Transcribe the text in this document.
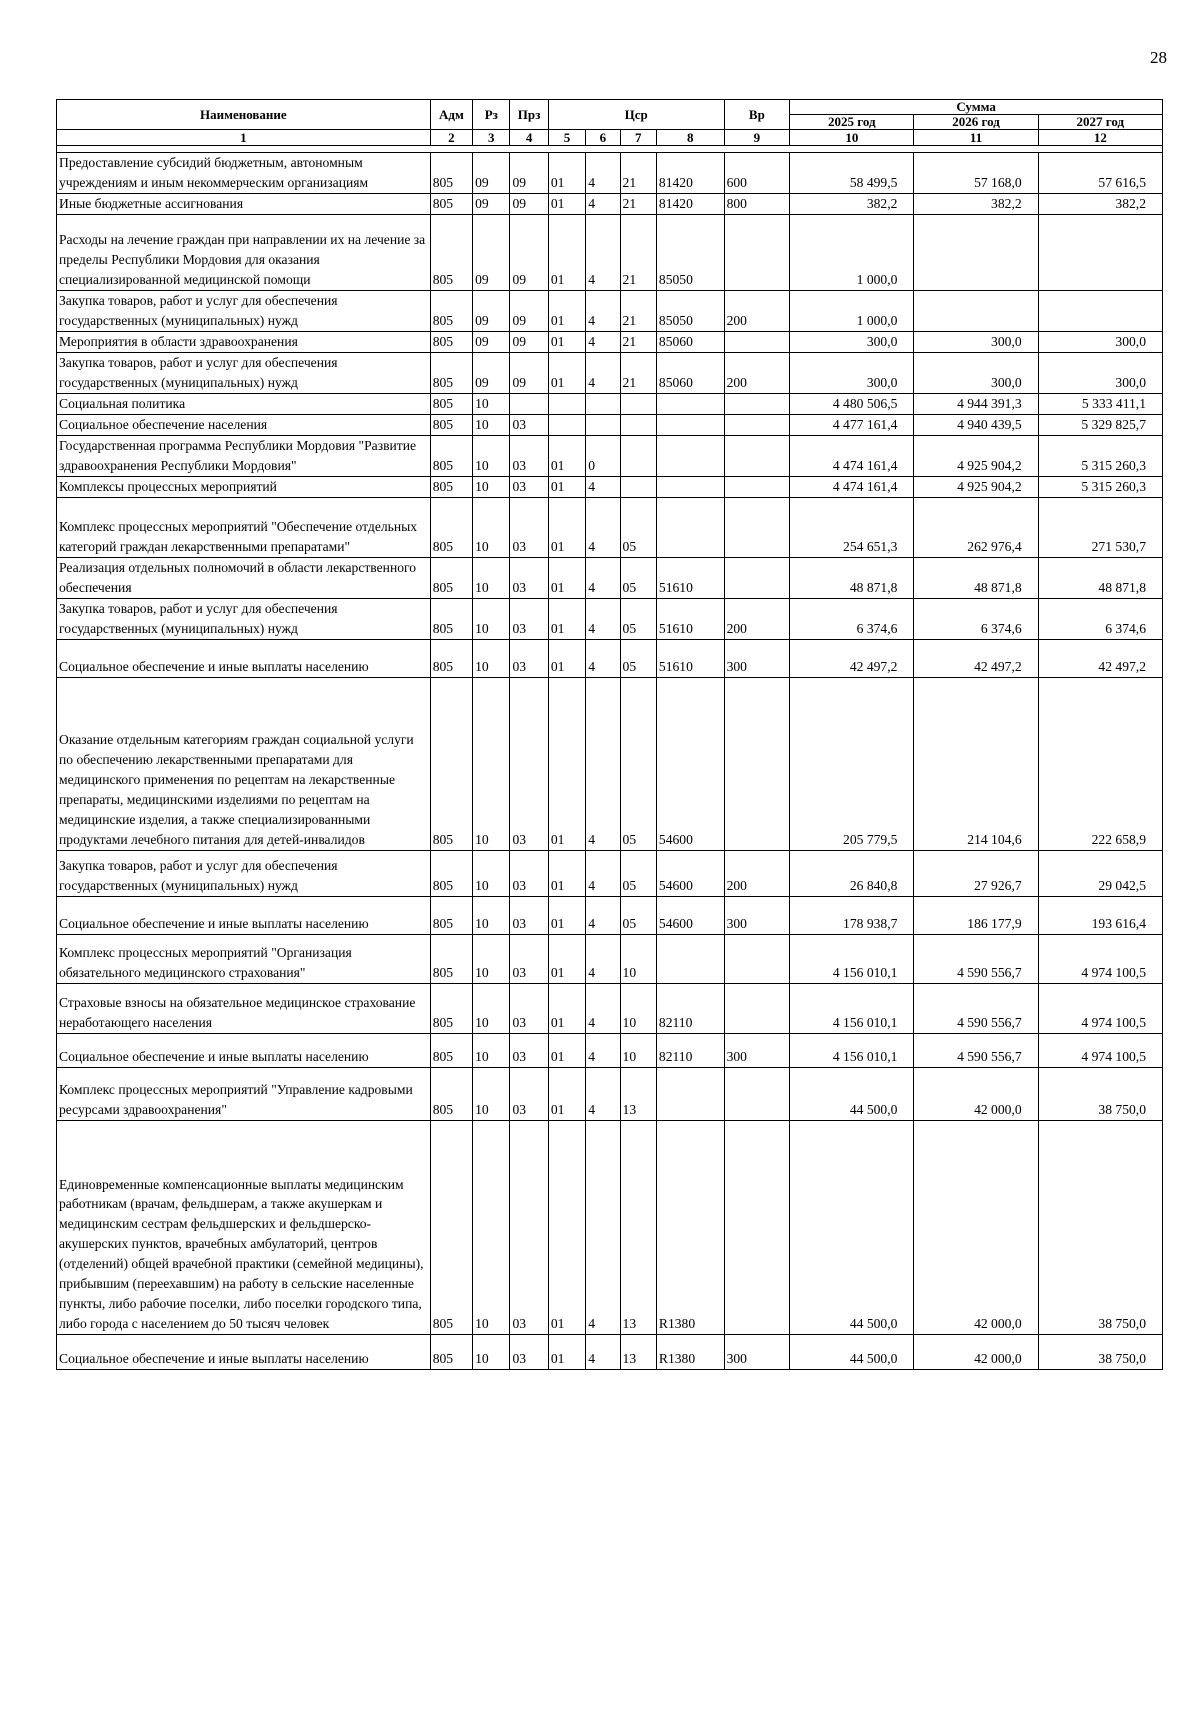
28
Наименование	Адм	Рз	Прз	Цср				Вр	Сумма		
									2025 год	2026 год	2027 год
1	2	3	4	5	6	7	8	9	10	11	12

Предоставление субсидий бюджетным, автономным учреждениям и иным некоммерческим организациям	805	09	09	01	4	21	81420	600	58 499,5	57 168,0	57 616,5
Иные бюджетные ассигнования	805	09	09	01	4	21	81420	800	382,2	382,2	382,2
Расходы на лечение граждан при направлении их на лечение за пределы Республики Мордовия для оказания специализированной медицинской помощи	805	09	09	01	4	21	85050		1 000,0		
Закупка товаров, работ и услуг для обеспечения государственных (муниципальных) нужд	805	09	09	01	4	21	85050	200	1 000,0		
Мероприятия в области здравоохранения	805	09	09	01	4	21	85060		300,0	300,0	300,0
Закупка товаров, работ и услуг для обеспечения государственных (муниципальных) нужд	805	09	09	01	4	21	85060	200	300,0	300,0	300,0
Социальная политика	805	10							4 480 506,5	4 944 391,3	5 333 411,1
Социальное обеспечение населения	805	10	03						4 477 161,4	4 940 439,5	5 329 825,7
Государственная программа Республики Мордовия "Развитие здравоохранения Республики Мордовия"	805	10	03	01	0				4 474 161,4	4 925 904,2	5 315 260,3
Комплексы процессных мероприятий	805	10	03	01	4				4 474 161,4	4 925 904,2	5 315 260,3
Комплекс процессных мероприятий "Обеспечение отдельных категорий граждан лекарственными препаратами"	805	10	03	01	4	05			254 651,3	262 976,4	271 530,7
Реализация отдельных полномочий в области лекарственного обеспечения	805	10	03	01	4	05	51610		48 871,8	48 871,8	48 871,8
Закупка товаров, работ и услуг для обеспечения государственных (муниципальных) нужд	805	10	03	01	4	05	51610	200	6 374,6	6 374,6	6 374,6
Социальное обеспечение и иные выплаты населению	805	10	03	01	4	05	51610	300	42 497,2	42 497,2	42 497,2
Оказание отдельным категориям граждан социальной услуги по обеспечению лекарственными препаратами для медицинского применения по рецептам на лекарственные препараты, медицинскими изделиями по рецептам на медицинские изделия, а также специализированными продуктами лечебного питания для детей-инвалидов	805	10	03	01	4	05	54600		205 779,5	214 104,6	222 658,9
Закупка товаров, работ и услуг для обеспечения государственных (муниципальных) нужд	805	10	03	01	4	05	54600	200	26 840,8	27 926,7	29 042,5
Социальное обеспечение и иные выплаты населению	805	10	03	01	4	05	54600	300	178 938,7	186 177,9	193 616,4
Комплекс процессных мероприятий "Организация обязательного медицинского страхования"	805	10	03	01	4	10			4 156 010,1	4 590 556,7	4 974 100,5
Страховые взносы на обязательное медицинское страхование неработающего населения	805	10	03	01	4	10	82110		4 156 010,1	4 590 556,7	4 974 100,5
Социальное обеспечение и иные выплаты населению	805	10	03	01	4	10	82110	300	4 156 010,1	4 590 556,7	4 974 100,5
Комплекс процессных мероприятий "Управление кадровыми ресурсами здравоохранения"	805	10	03	01	4	13			44 500,0	42 000,0	38 750,0
Единовременные компенсационные выплаты медицинским работникам (врачам, фельдшерам, а также акушеркам и медицинским сестрам фельдшерских и фельдшерско-акушерских пунктов, врачебных амбулаторий, центров (отделений) общей врачебной практики (семейной медицины), прибывшим (переехавшим) на работу в сельские населенные пункты, либо рабочие поселки, либо поселки городского типа, либо города с населением до 50 тысяч человек	805	10	03	01	4	13	R1380		44 500,0	42 000,0	38 750,0
Социальное обеспечение и иные выплаты населению	805	10	03	01	4	13	R1380	300	44 500,0	42 000,0	38 750,0
